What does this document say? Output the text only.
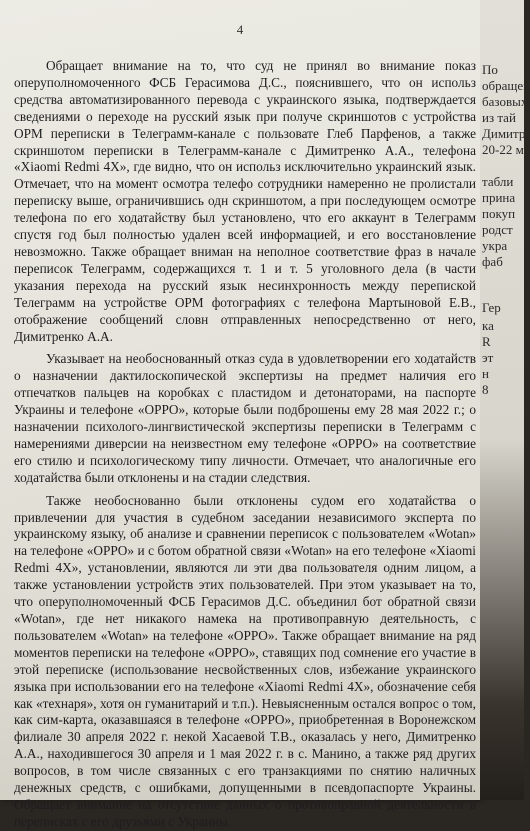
4

Обращает внимание на то, что суд не принял во внимание показ оперуполномоченного ФСБ Герасимова Д.С., пояснившего, что он использ средства автоматизированного перевода с украинского языка, подтверждается сведениями о переходе на русский язык при получе скриншотов с устройства ОРМ переписки в Телеграмм-канале с пользовате Глеб Парфенов, а также скриншотом переписки в Телеграмм-канале с Димитренко А.А., телефона «Xiaomi Redmi 4X», где видно, что он использ исключительно украинский язык. Отмечает, что на момент осмотра телефо сотрудники намеренно не пролистали переписку выше, ограничившись одн скриншотом, а при последующем осмотре телефона по его ходатайству был установлено, что его аккаунт в Телеграмм спустя год был полностью удален всей информацией, и его восстановление невозможно. Также обращает вниман на неполное соответствие фраз в начале переписок Телеграмм, содержащихся т. 1 и т. 5 уголовного дела (в части указания перехода на русский язык несинхронность между перепиской Телеграмм на устройстве ОРМ фотографиях с телефона Мартыновой Е.В., отображение сообщений словн отправленных непосредственно от него, Димитренко А.А.

Указывает на необоснованный отказ суда в удовлетворении его ходатайств о назначении дактилоскопической экспертизы на предмет наличия его отпечатков пальцев на коробках с пластидом и детонаторами, на паспорте Украины и телефоне «OPPO», которые были подброшены ему 28 мая 2022 г.; о назначении психолого-лингвистической экспертизы переписки в Телеграмм с намерениями диверсии на неизвестном ему телефоне «OPPO» на соответствие его стилю и психологическому типу личности. Отмечает, что аналогичные его ходатайства были отклонены и на стадии следствия.

Также необоснованно были отклонены судом его ходатайства о привлечении для участия в судебном заседании независимого эксперта по украинскому языку, об анализе и сравнении переписок с пользователем «Wotan» на телефоне «OPPO» и с ботом обратной связи «Wotan» на его телефоне «Xiaomi Redmi 4X», установлении, являются ли эти два пользователя одним лицом, а также установлении устройств этих пользователей. При этом указывает на то, что оперуполномоченный ФСБ Герасимов Д.С. объединил бот обратной связи «Wotan», где нет никакого намека на противоправную деятельность, с пользователем «Wotan» на телефоне «OPPO». Также обращает внимание на ряд моментов переписки на телефоне «OPPO», ставящих под сомнение его участие в этой переписке (использование несвойственных слов, избежание украинского языка при использовании его на телефоне «Xiaomi Redmi 4X», обозначение себя как «технаря», хотя он гуманитарий и т.п.). Невыясненным остался вопрос о том, как сим-карта, оказавшаяся в телефоне «OPPO», приобретенная в Воронежском филиале 30 апреля 2022 г. некой Хасаевой Т.В., оказалась у него, Димитренко А.А., находившегося 30 апреля и 1 мая 2022 г. в с. Манино, а также ряд других вопросов, в том числе связанных с его транзакциями по снятию наличных денежных средств, с ошибками, допущенными в псевдопаспорте Украины. Обращает внимание на отсутствие данных о противоправной деятельности в переписках с его друзьями с Украины.

По
обращен
базовых
из тай
Димитр
20-22 м
табли
прина
покуп
родст
укра
фаб
Гер
ка
R
эт
н
8
